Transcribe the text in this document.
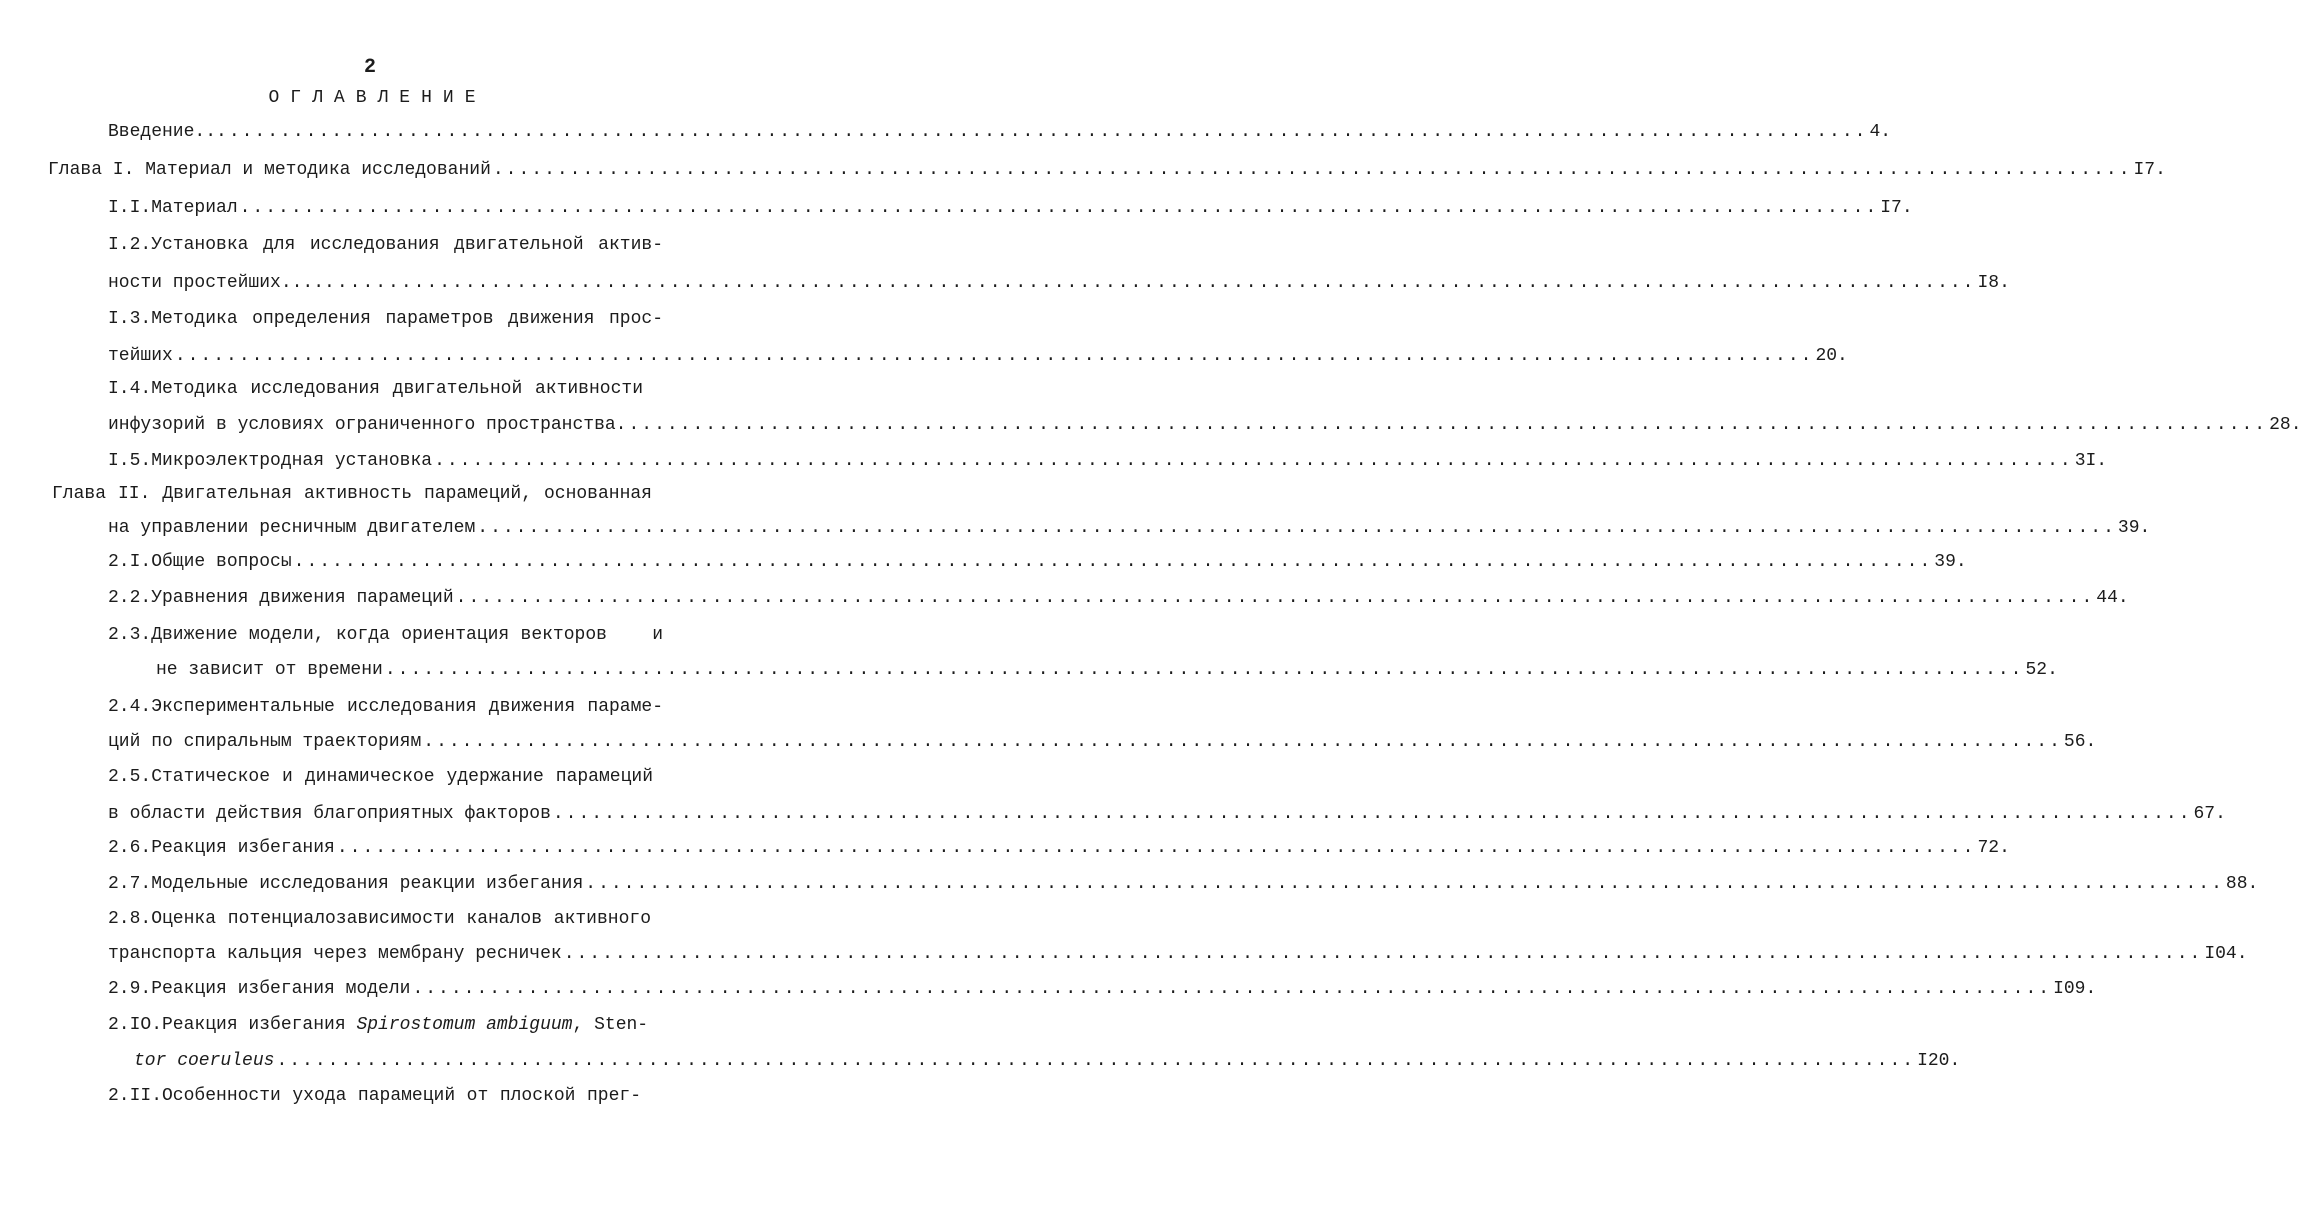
2
ОГЛАВЛЕНИЕ
Введение... ................................................................................................................................ 4.
Глава I. Материал и методика исследований ................................................................................................................................ I7.
I.I.Материал ................................................................................................................................ I7.
I.2.Установка для исследования двигательной актив-
ности простейших..... ................................................................................................................................ I8.
I.3.Методика определения параметров движения прос-
тейших ................................................................................................................................ 20.
I.4.Методика исследования двигательной активности
инфузорий в условиях ограниченного пространства. ................................................................................................................................ 28.
I.5.Микроэлектродная установка ................................................................................................................................ 3I.
Глава II. Двигательная активность парамеций, основанная
на управлении ресничным двигателем ................................................................................................................................ 39.
2.I.Общие вопросы ................................................................................................................................ 39.
2.2.Уравнения движения парамеций ................................................................................................................................ 44.
2.3.Движение модели, когда ориентация векторов    и
не зависит от времени ................................................................................................................................ 52.
2.4.Экспериментальные исследования движения параме-
ций по спиральным траекториям ................................................................................................................................ 56.
2.5.Статическое и динамическое удержание парамеций
в области действия благоприятных факторов ................................................................................................................................ 67.
2.6.Реакция избегания ................................................................................................................................ 72.
2.7.Модельные исследования реакции избегания ................................................................................................................................ 88.
2.8.Оценка потенциалозависимости каналов активного
транспорта кальция через мембрану ресничек ................................................................................................................................ I04.
2.9.Реакция избегания модели ................................................................................................................................ I09.
2.IО.Реакция избегания Spirostomum ambiguum , Sten-
tor coeruleus ................................................................................................................................ I20.
2.II.Особенности ухода парамеций от плоской прег-
